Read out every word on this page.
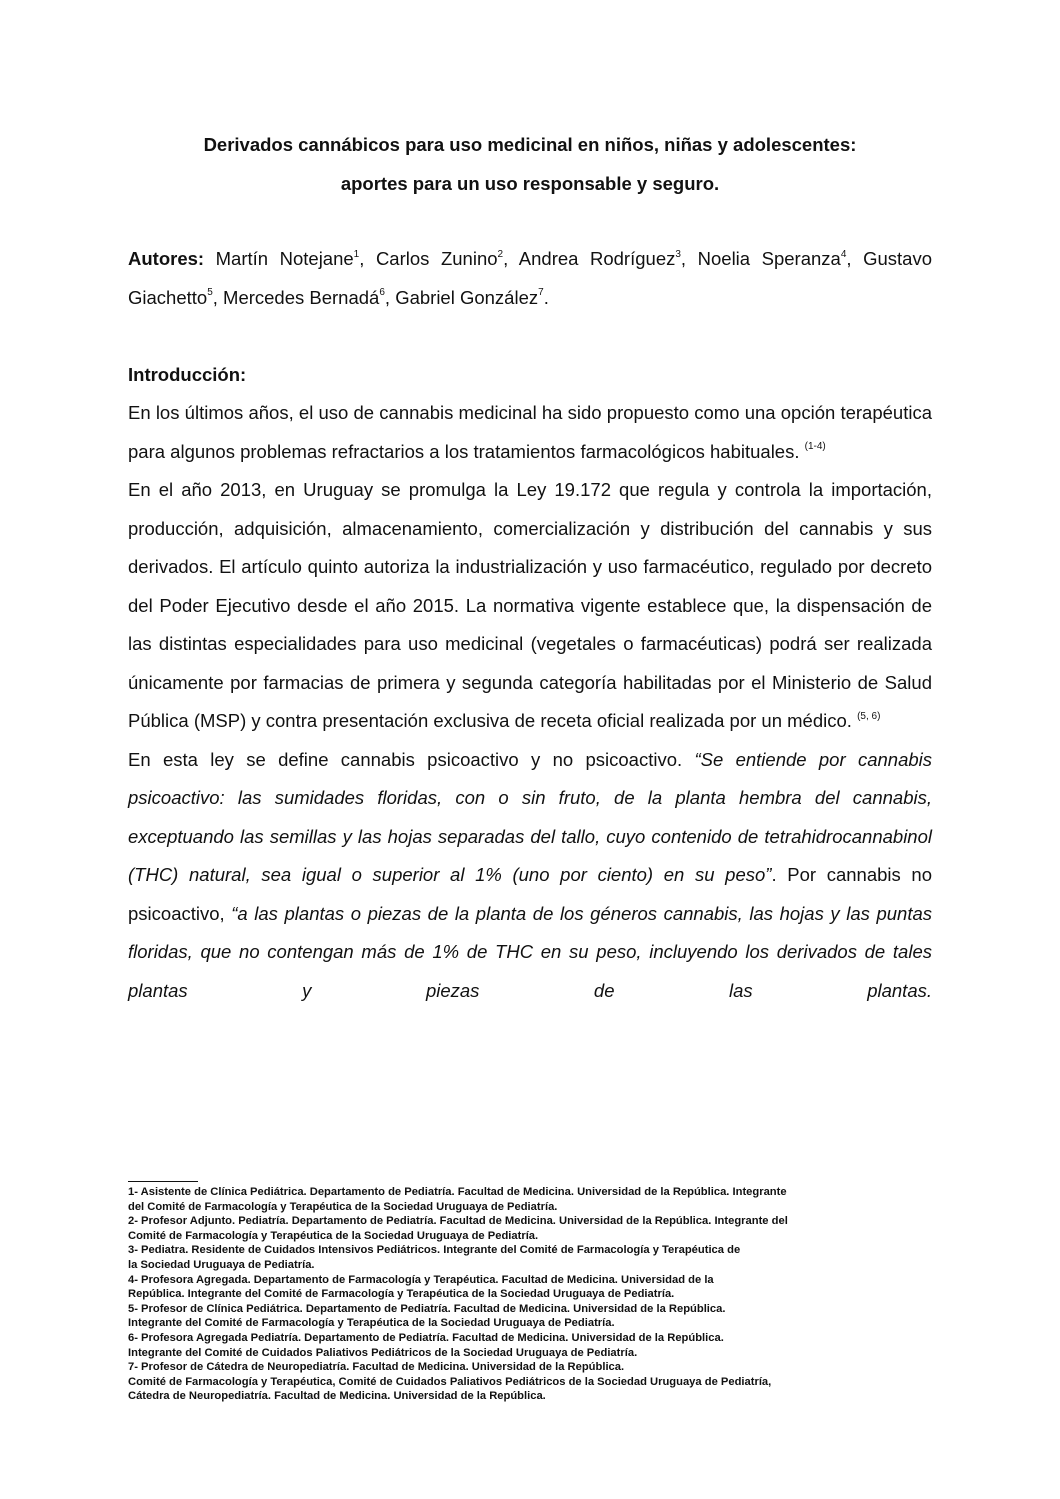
Derivados cannábicos para uso medicinal en niños, niñas y adolescentes:
aportes para un uso responsable y seguro.

Autores: Martín Notejane$^1$, Carlos Zunino$^2$, Andrea Rodríguez$^3$, Noelia Speranza$^4$, Gustavo Giachetto$^5$, Mercedes Bernadá$^6$, Gabriel González$^7$.

Introducción:

En los últimos años, el uso de cannabis medicinal ha sido propuesto como una opción terapéutica para algunos problemas refractarios a los tratamientos farmacológicos habituales. $^{(1-4)}$

En el año 2013, en Uruguay se promulga la Ley 19.172 que regula y controla la importación, producción, adquisición, almacenamiento, comercialización y distribución del cannabis y sus derivados. El artículo quinto autoriza la industrialización y uso farmacéutico, regulado por decreto del Poder Ejecutivo desde el año 2015. La normativa vigente establece que, la dispensación de las distintas especialidades para uso medicinal (vegetales o farmacéuticas) podrá ser realizada únicamente por farmacias de primera y segunda categoría habilitadas por el Ministerio de Salud Pública (MSP) y contra presentación exclusiva de receta oficial realizada por un médico. $^{(5, 6)}$

En esta ley se define cannabis psicoactivo y no psicoactivo. “Se entiende por cannabis psicoactivo: las sumidades floridas, con o sin fruto, de la planta hembra del cannabis, exceptuando las semillas y las hojas separadas del tallo, cuyo contenido de tetrahidrocannabinol (THC) natural, sea igual o superior al 1% (uno por ciento) en su peso”. Por cannabis no psicoactivo, “a las plantas o piezas de la planta de los géneros cannabis, las hojas y las puntas floridas, que no contengan más de 1% de THC en su peso, incluyendo los derivados de tales plantas y piezas de las plantas.

1- Asistente de Clínica Pediátrica. Departamento de Pediatría. Facultad de Medicina. Universidad de la República. Integrante
del Comité de Farmacología y Terapéutica de la Sociedad Uruguaya de Pediatría.
2- Profesor Adjunto. Pediatría. Departamento de Pediatría. Facultad de Medicina. Universidad de la República. Integrante del
Comité de Farmacología y Terapéutica de la Sociedad Uruguaya de Pediatría.
3- Pediatra. Residente de Cuidados Intensivos Pediátricos. Integrante del Comité de Farmacología y Terapéutica de
la Sociedad Uruguaya de Pediatría.
4- Profesora Agregada. Departamento de Farmacología y Terapéutica. Facultad de Medicina. Universidad de la
República. Integrante del Comité de Farmacología y Terapéutica de la Sociedad Uruguaya de Pediatría.
5- Profesor de Clínica Pediátrica. Departamento de Pediatría. Facultad de Medicina. Universidad de la República.
Integrante del Comité de Farmacología y Terapéutica de la Sociedad Uruguaya de Pediatría.
6- Profesora Agregada Pediatría. Departamento de Pediatría. Facultad de Medicina. Universidad de la República.
Integrante del Comité de Cuidados Paliativos Pediátricos de la Sociedad Uruguaya de Pediatría.
7- Profesor de Cátedra de Neuropediatría. Facultad de Medicina. Universidad de la República.
Comité de Farmacología y Terapéutica, Comité de Cuidados Paliativos Pediátricos de la Sociedad Uruguaya de Pediatría,
Cátedra de Neuropediatría. Facultad de Medicina. Universidad de la República.
